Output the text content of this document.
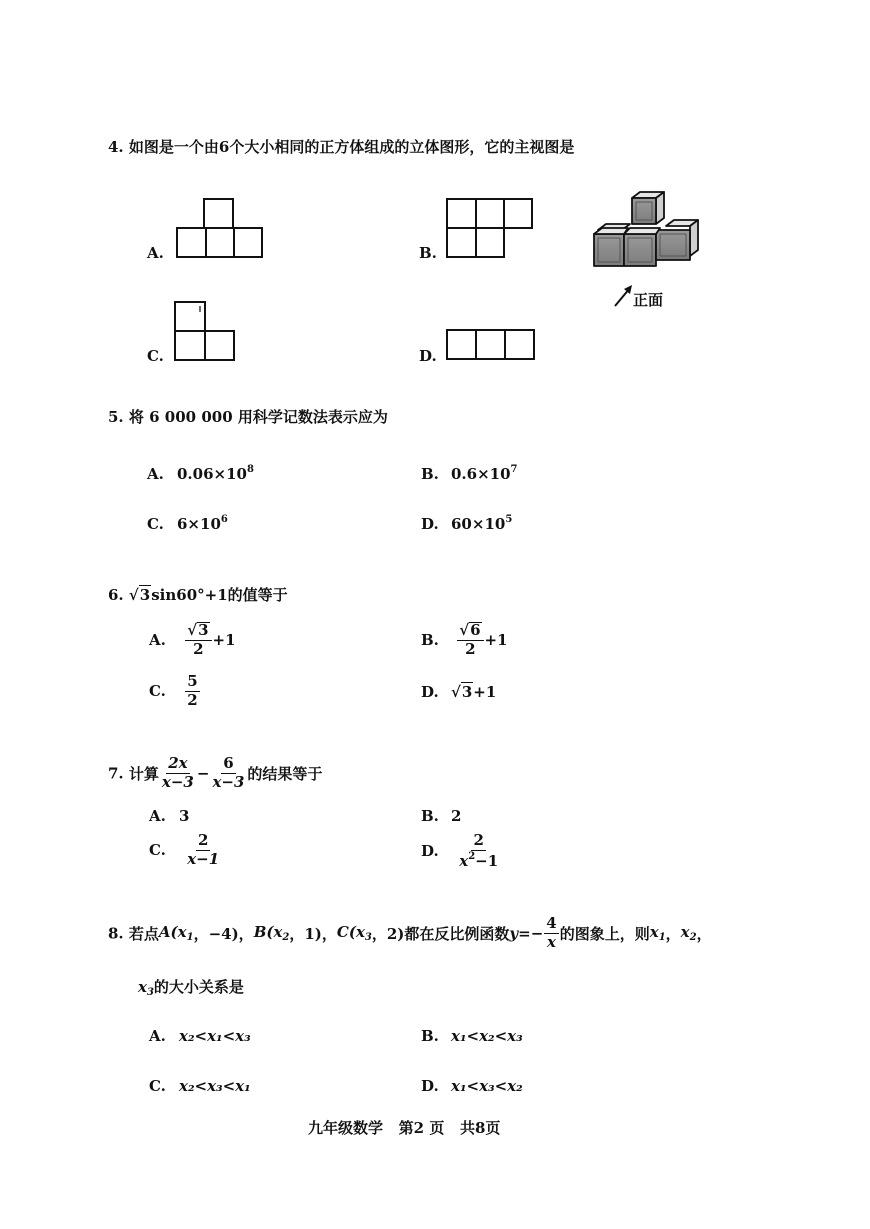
4. 如图是一个由6个大小相同的正方体组成的立体图形，它的主视图是
A.	B.
正面
C.	D.
5. 将 6 000 000 用科学记数法表示应为
A. $0.06\times 10^8$	B. $0.6\times 10^7$
C. $6\times 10^6$	D. $60\times 10^5$
6. √ 3 sin60°+1的值等于
A. $\frac{√ 3}{2} +1$	B. $\frac{√ 6}{2} +1$
C. $\frac{5}{2}$	D. √ 3 +1
7. 计算 $\frac{2x}{x-3} - \frac{6}{x-3}$ 的结果等于
A. 3	B. 2
C. $\frac{2}{x-1}$	D. $\frac{2}{x^2-1}$
8. 若点$A(x_1$，−4)，$B(x_2$，1)，$C(x_3$，2)都在反比例函数$y=- \frac{4}{x}$ 的图象上，则$x_1$，$x_2$，
$x_3$的大小关系是
A. x₂<x₁<x₃	B. x₁<x₂<x₃
C. x₂<x₃<x₁	D. x₁<x₃<x₂
九年级数学   第2 页   共8页
